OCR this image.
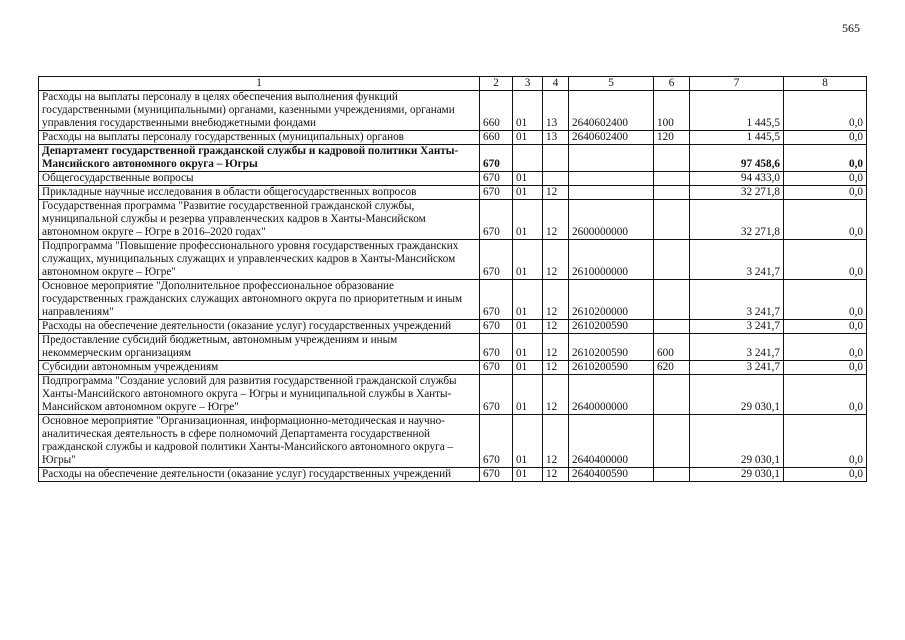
565
1	2	3	4	5	6	7	8
Расходы на выплаты персоналу в целях обеспечения выполнения функций государственными (муниципальными) органами, казенными учреждениями, органами управления государственными внебюджетными фондами	660	01	13	2640602400	100	1 445,5	0,0
Расходы на выплаты персоналу государственных (муниципальных) органов	660	01	13	2640602400	120	1 445,5	0,0
Департамент государственной гражданской службы и кадровой политики Ханты-Мансийского автономного округа – Югры	670					97 458,6	0,0
Общегосударственные вопросы	670	01				94 433,0	0,0
Прикладные научные исследования в области общегосударственных вопросов	670	01	12			32 271,8	0,0
Государственная программа "Развитие государственной гражданской службы, муниципальной службы и резерва управленческих кадров в Ханты-Мансийском автономном округе – Югре в 2016–2020 годах"	670	01	12	2600000000		32 271,8	0,0
Подпрограмма "Повышение профессионального уровня государственных гражданских служащих, муниципальных служащих и управленческих кадров в Ханты-Мансийском автономном округе – Югре"	670	01	12	2610000000		3 241,7	0,0
Основное мероприятие "Дополнительное профессиональное образование государственных гражданских служащих автономного округа по приоритетным и иным направлениям"	670	01	12	2610200000		3 241,7	0,0
Расходы на обеспечение деятельности (оказание услуг) государственных учреждений	670	01	12	2610200590		3 241,7	0,0
Предоставление субсидий бюджетным, автономным учреждениям и иным некоммерческим организациям	670	01	12	2610200590	600	3 241,7	0,0
Субсидии автономным учреждениям	670	01	12	2610200590	620	3 241,7	0,0
Подпрограмма "Создание условий для развития государственной гражданской службы Ханты-Мансийского автономного округа – Югры и муниципальной службы в Ханты-Мансийском автономном округе – Югре"	670	01	12	2640000000		29 030,1	0,0
Основное мероприятие "Организационная, информационно-методическая и научно-аналитическая деятельность в сфере полномочий Департамента государственной гражданской службы и кадровой политики Ханты-Мансийского автономного округа – Югры"	670	01	12	2640400000		29 030,1	0,0
Расходы на обеспечение деятельности (оказание услуг) государственных учреждений	670	01	12	2640400590		29 030,1	0,0
